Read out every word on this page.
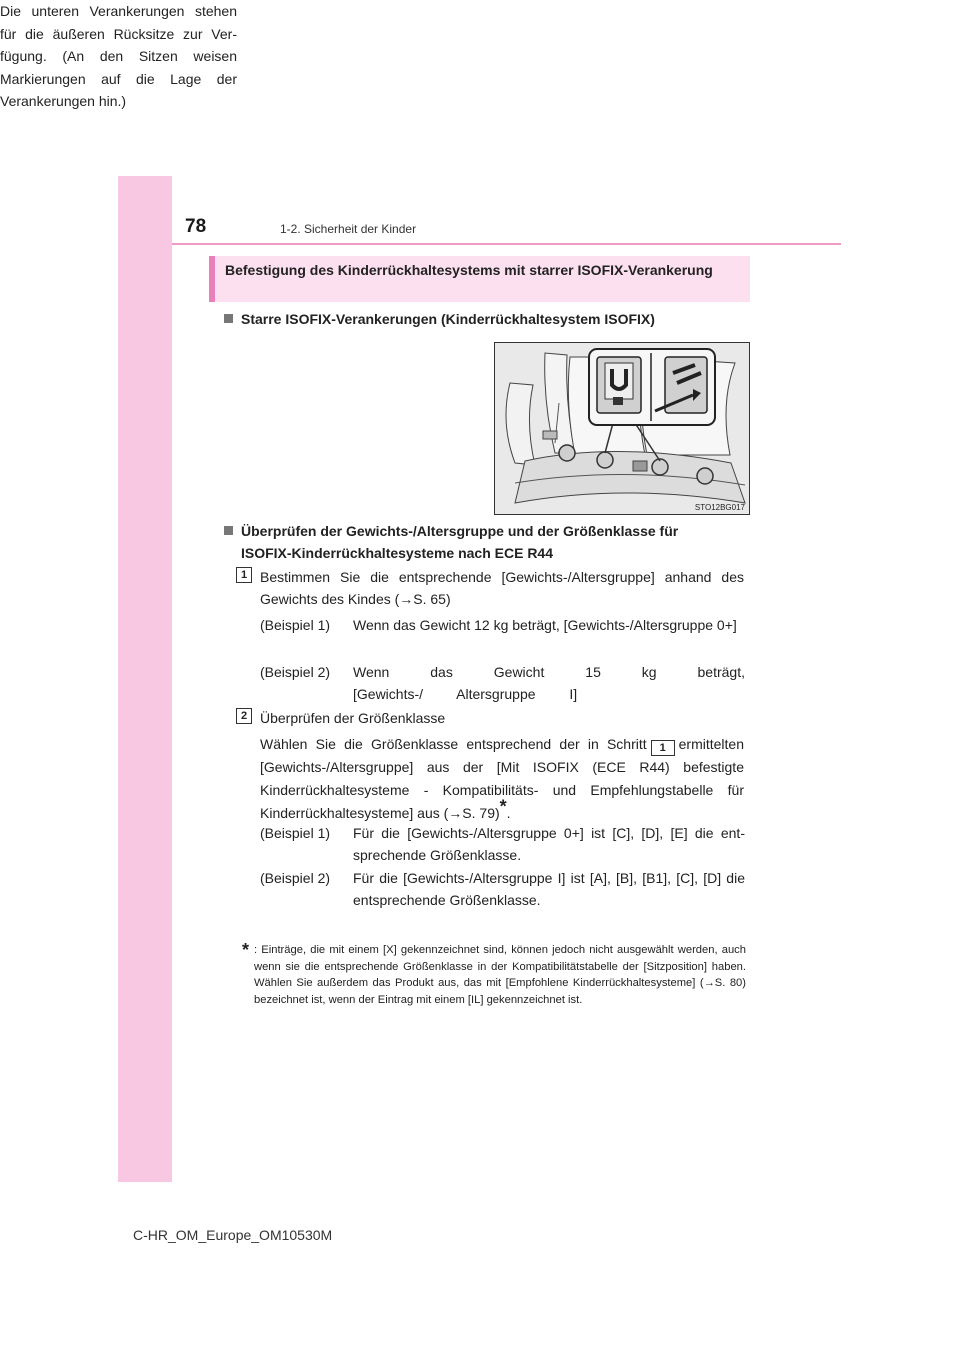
78	1-2. Sicherheit der Kinder
Befestigung des Kinderrückhaltesystems mit starrer ISOFIX-Verankerung
Starre ISOFIX-Verankerungen (Kinderrückhaltesystem ISOFIX)
Die unteren Verankerungen stehen für die äußeren Rücksitze zur Verfügung. (An den Sitzen weisen Markierungen auf die Lage der Verankerungen hin.)
STO12BG017
Überprüfen der Gewichts-/Altersgruppe und der Größenklasse für
ISOFIX-Kinderrückhaltesysteme nach ECE R44
1 Bestimmen Sie die entsprechende [Gewichts-/Altersgruppe] anhand des Gewichts des Kindes (→S. 65)
(Beispiel 1) Wenn das Gewicht 12 kg beträgt, [Gewichts-/Altersgruppe 0+]
(Beispiel 2) Wenn das Gewicht 15 kg beträgt, [Gewichts-/ Altersgruppe I]
2 Überprüfen der Größenklasse
Wählen Sie die Größenklasse entsprechend der in Schritt 1 ermittelten [Gewichts-/Altersgruppe] aus der [Mit ISOFIX (ECE R44) befestigte Kinderrückhaltesysteme - Kompatibilitäts- und Empfehlungstabelle für Kinderrückhaltesysteme] aus (→S. 79)*.
(Beispiel 1) Für die [Gewichts-/Altersgruppe 0+] ist [C], [D], [E] die entsprechende Größenklasse.
(Beispiel 2) Für die [Gewichts-/Altersgruppe I] ist [A], [B], [B1], [C], [D] die entsprechende Größenklasse.
* : Einträge, die mit einem [X] gekennzeichnet sind, können jedoch nicht ausgewählt werden, auch wenn sie die entsprechende Größenklasse in der Kompatibilitätstabelle der [Sitzposition] haben. Wählen Sie außerdem das Produkt aus, das mit [Empfohlene Kinderrückhaltesysteme] (→S. 80) bezeichnet ist, wenn der Eintrag mit einem [IL] gekennzeichnet ist.
C-HR_OM_Europe_OM10530M
